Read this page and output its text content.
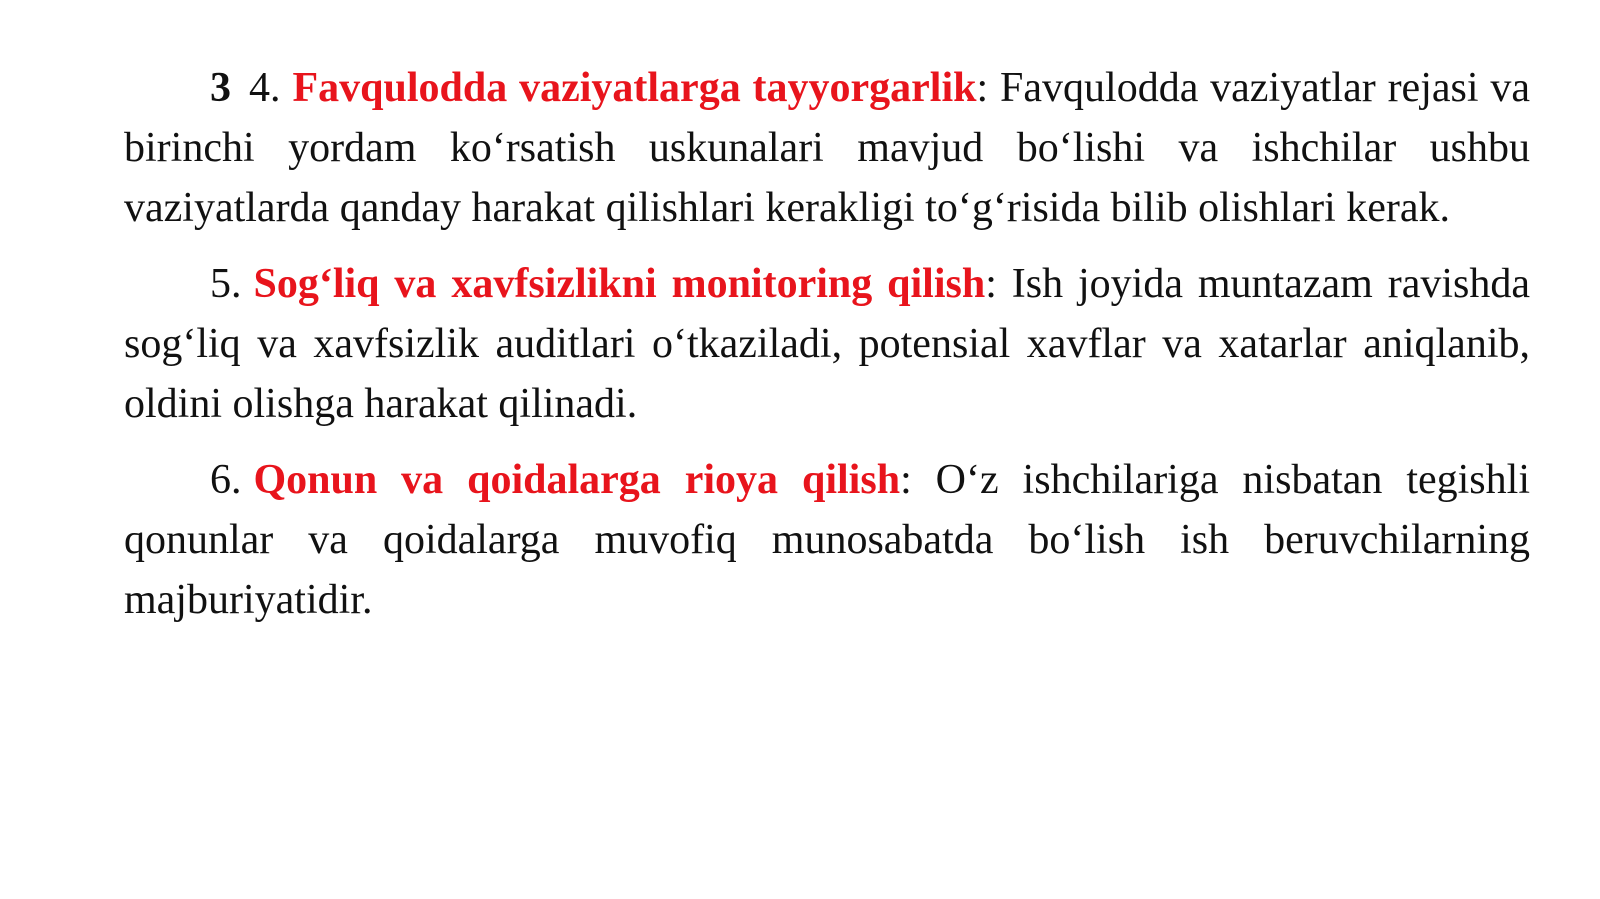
3 4. Favqulodda vaziyatlarga tayyorgarlik: Favqulodda vaziyatlar rejasi va birinchi yordam ko‘rsatish uskunalari mavjud bo‘lishi va ishchilar ushbu vaziyatlarda qanday harakat qilishlari kerakligi to‘g‘risida bilib olishlari kerak.

5. Sog‘liq va xavfsizlikni monitoring qilish: Ish joyida muntazam ravishda sog‘liq va xavfsizlik auditlari o‘tkaziladi, potensial xavflar va xatarlar aniqlanib, oldini olishga harakat qilinadi.

6. Qonun va qoidalarga rioya qilish: O‘z ishchilariga nisbatan tegishli qonunlar va qoidalarga muvofiq munosabatda bo‘lish ish beruvchilarning majburiyatidir.
